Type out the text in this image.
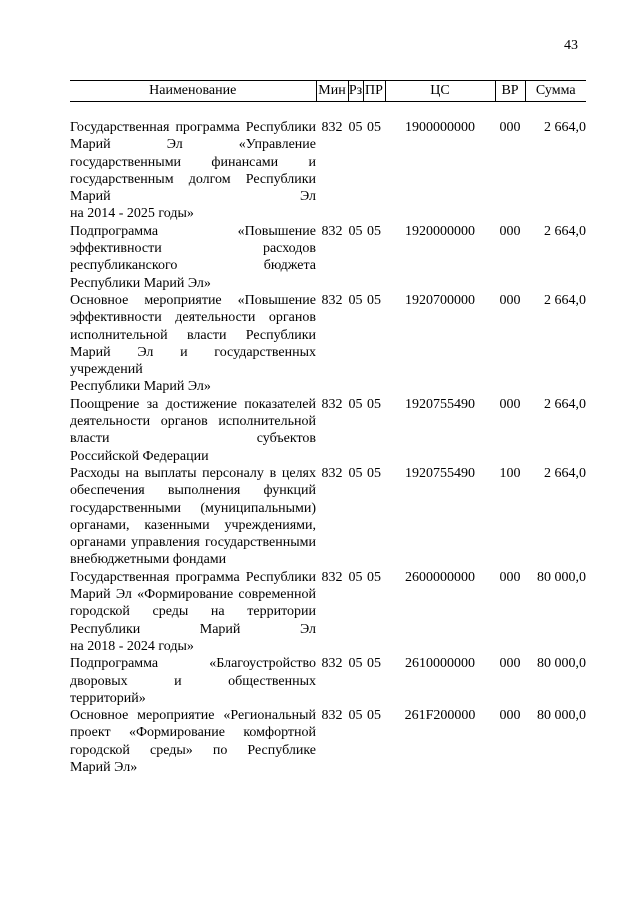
43
Наименование	Мин	Рз	ПР	ЦС	ВР	Сумма

Государственная программа Республики Марий Эл «Управление государственными финансами и государственным долгом Республики Марий Эл
на 2014 - 2025 годы»	832	05	05	1900000000	000	2 664,0
Подпрограмма «Повышение эффективности расходов республиканского бюджета
Республики Марий Эл»	832	05	05	1920000000	000	2 664,0
Основное мероприятие «Повышение эффективности деятельности органов исполнительной власти Республики Марий Эл и государственных учреждений
Республики Марий Эл»	832	05	05	1920700000	000	2 664,0
Поощрение за достижение показателей деятельности органов исполнительной власти субъектов
Российской Федерации	832	05	05	1920755490	000	2 664,0
Расходы на выплаты персоналу в целях обеспечения выполнения функций государственными (муниципальными) органами, казенными учреждениями, органами управления государственными
внебюджетными фондами	832	05	05	1920755490	100	2 664,0
Государственная программа Республики Марий Эл «Формирование современной городской среды на территории Республики Марий Эл
на 2018 - 2024 годы»	832	05	05	2600000000	000	80 000,0
Подпрограмма «Благоустройство дворовых и общественных
территорий»	832	05	05	2610000000	000	80 000,0
Основное мероприятие «Региональный проект «Формирование комфортной городской среды» по Республике
Марий Эл»	832	05	05	261F200000	000	80 000,0
